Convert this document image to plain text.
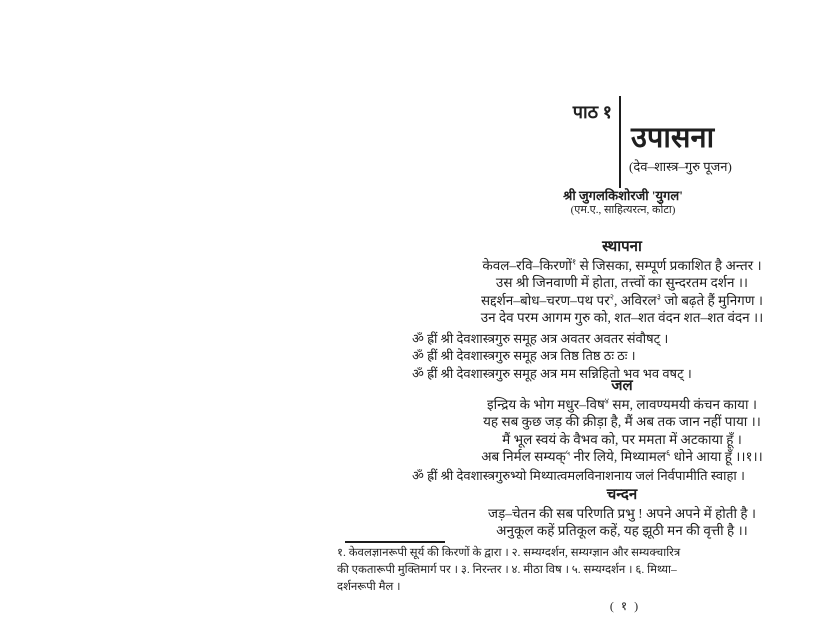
पाठ १
उपासना
(देव–शास्त्र–गुरु पूजन)
श्री जुगलकिशोरजी 'युगल'
(एम.ए., साहित्यरत्न, कोटा)
स्थापना
केवल–रवि–किरणों$^१$ से जिसका, सम्पूर्ण प्रकाशित है अन्तर ।
उस श्री जिनवाणी में होता, तत्त्वों का सुन्दरतम दर्शन ।।
सद्दर्शन–बोध–चरण–पथ पर$^२$, अविरल$^३$ जो बढ़ते हैं मुनिगण ।
उन देव परम आगम गुरु को, शत–शत वंदन शत–शत वंदन ।।
ॐ ह्रीं श्री देवशास्त्रगुरु समूह अत्र अवतर अवतर संवौषट् ।
ॐ ह्रीं श्री देवशास्त्रगुरु समूह अत्र तिष्ठ तिष्ठ ठः ठः ।
ॐ ह्रीं श्री देवशास्त्रगुरु समूह अत्र मम सन्निहितो भव भव वषट् ।
जल
इन्द्रिय के भोग मधुर–विष$^४$ सम, लावण्यमयी कंचन काया ।
यह सब कुछ जड़ की क्रीड़ा है, मैं अब तक जान नहीं पाया ।।
मैं भूल स्वयं के वैभव को, पर ममता में अटकाया हूँ ।
अब निर्मल सम्यक्$^५$ नीर लिये, मिथ्यामल$^६$ धोने आया हूँ ।।१।।
ॐ ह्रीं श्री देवशास्त्रगुरुभ्यो मिथ्यात्वमलविनाशनाय जलं निर्वपामीति स्वाहा ।
चन्दन
जड़–चेतन की सब परिणति प्रभु ! अपने अपने में होती है ।
अनुकूल कहें प्रतिकूल कहें, यह झूठी मन की वृत्ती है ।।
१. केवलज्ञानरूपी सूर्य की किरणों के द्वारा । २. सम्यग्दर्शन, सम्यग्ज्ञान और सम्यक्चारित्र
की एकतारूपी मुक्तिमार्ग पर । ३. निरन्तर । ४. मीठा विष । ५. सम्यग्दर्शन । ६. मिथ्या–
दर्शनरूपी मैल ।
( १ )
